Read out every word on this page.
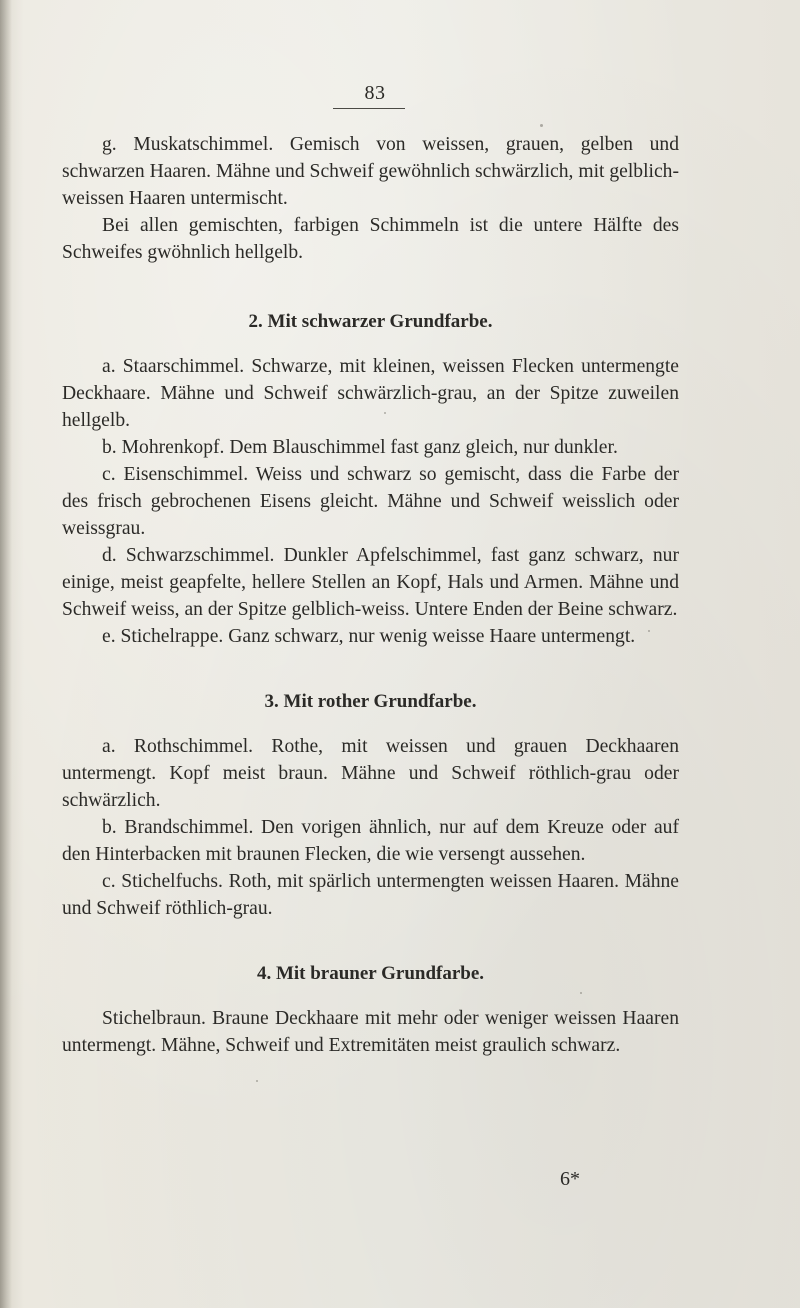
83

g. Muskatschimmel. Gemisch von weissen, grauen, gelben und schwarzen Haaren. Mähne und Schweif gewöhnlich schwärzlich, mit gelblich-weissen Haaren untermischt.

Bei allen gemischten, farbigen Schimmeln ist die untere Hälfte des Schweifes gwöhnlich hellgelb.

2. Mit schwarzer Grundfarbe.

a. Staarschimmel. Schwarze, mit kleinen, weissen Flecken untermengte Deckhaare. Mähne und Schweif schwärzlich-grau, an der Spitze zuweilen hellgelb.

b. Mohrenkopf. Dem Blauschimmel fast ganz gleich, nur dunkler.

c. Eisenschimmel. Weiss und schwarz so gemischt, dass die Farbe der des frisch gebrochenen Eisens gleicht. Mähne und Schweif weisslich oder weissgrau.

d. Schwarzschimmel. Dunkler Apfelschimmel, fast ganz schwarz, nur einige, meist geapfelte, hellere Stellen an Kopf, Hals und Armen. Mähne und Schweif weiss, an der Spitze gelblich-weiss. Untere Enden der Beine schwarz.

e. Stichelrappe. Ganz schwarz, nur wenig weisse Haare untermengt.

3. Mit rother Grundfarbe.

a. Rothschimmel. Rothe, mit weissen und grauen Deckhaaren untermengt. Kopf meist braun. Mähne und Schweif röthlich-grau oder schwärzlich.

b. Brandschimmel. Den vorigen ähnlich, nur auf dem Kreuze oder auf den Hinterbacken mit braunen Flecken, die wie versengt aussehen.

c. Stichelfuchs. Roth, mit spärlich untermengten weissen Haaren. Mähne und Schweif röthlich-grau.

4. Mit brauner Grundfarbe.

Stichelbraun. Braune Deckhaare mit mehr oder weniger weissen Haaren untermengt. Mähne, Schweif und Extremitäten meist graulich schwarz.

6*
